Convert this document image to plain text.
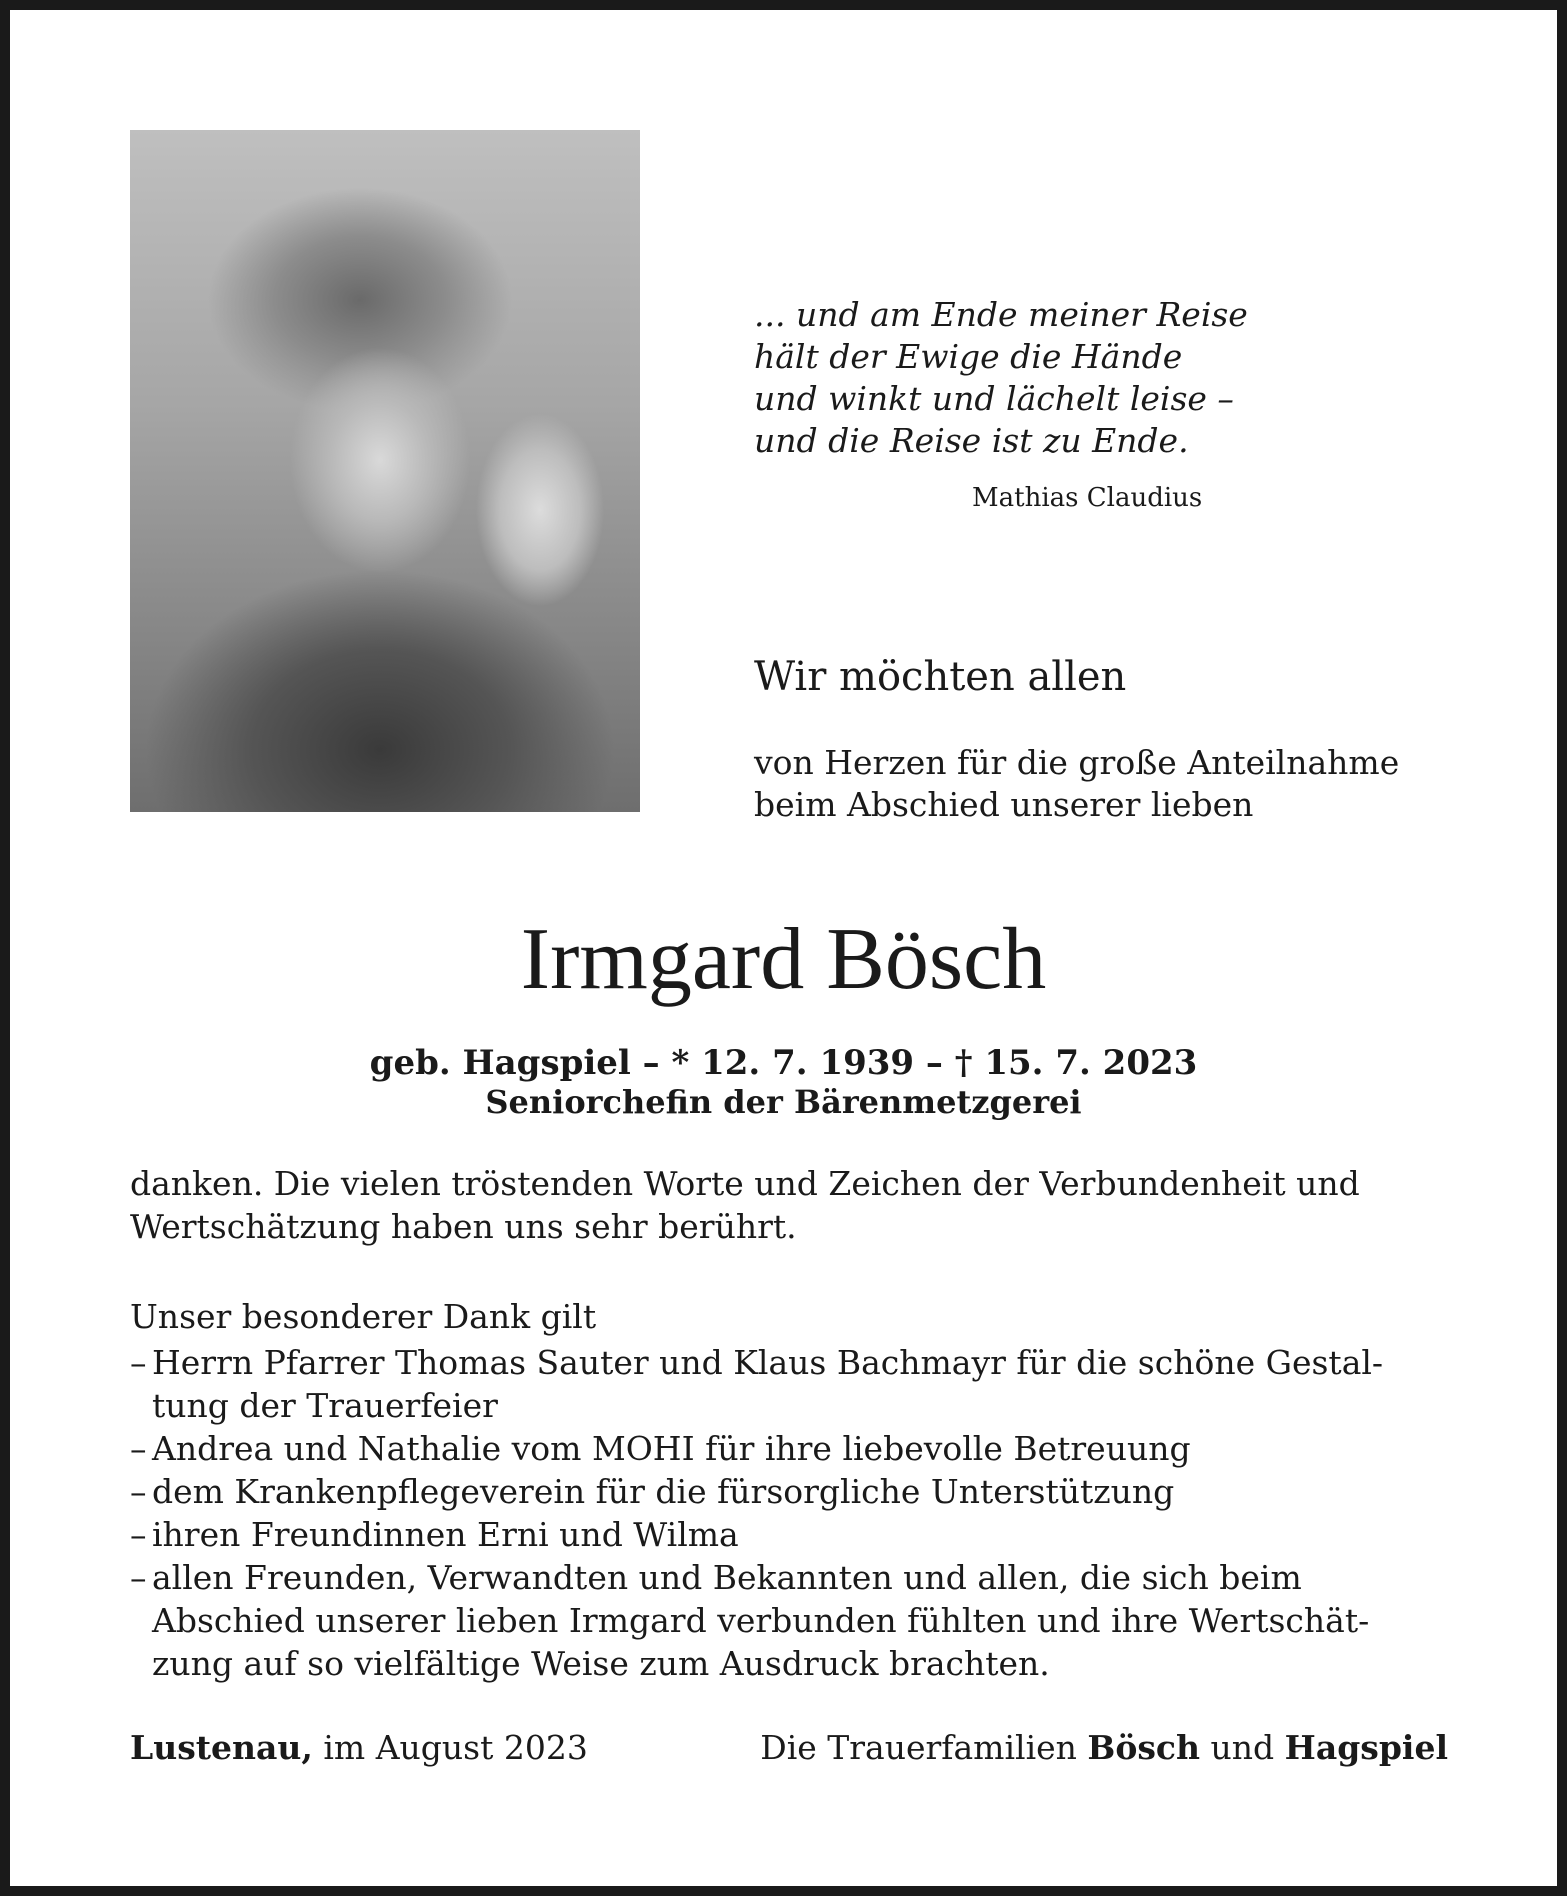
... und am Ende meiner Reise
hält der Ewige die Hände
und winkt und lächelt leise –
und die Reise ist zu Ende.
Mathias Claudius
Wir möchten allen
von Herzen für die große Anteilnahme
beim Abschied unserer lieben
Irmgard Bösch
geb. Hagspiel – * 12. 7. 1939 – † 15. 7. 2023
Seniorchefin der Bärenmetzgerei
danken. Die vielen tröstenden Worte und Zeichen der Verbundenheit und
Wertschätzung haben uns sehr berührt.
Unser besonderer Dank gilt
– Herrn Pfarrer Thomas Sauter und Klaus Bachmayr für die schöne Gestal-
tung der Trauerfeier
– Andrea und Nathalie vom MOHI für ihre liebevolle Betreuung
– dem Krankenpflegeverein für die fürsorgliche Unterstützung
– ihren Freundinnen Erni und Wilma
– allen Freunden, Verwandten und Bekannten und allen, die sich beim
Abschied unserer lieben Irmgard verbunden fühlten und ihre Wertschät-
zung auf so vielfältige Weise zum Ausdruck brachten.
Lustenau, im August 2023	Die Trauerfamilien Bösch und Hagspiel
